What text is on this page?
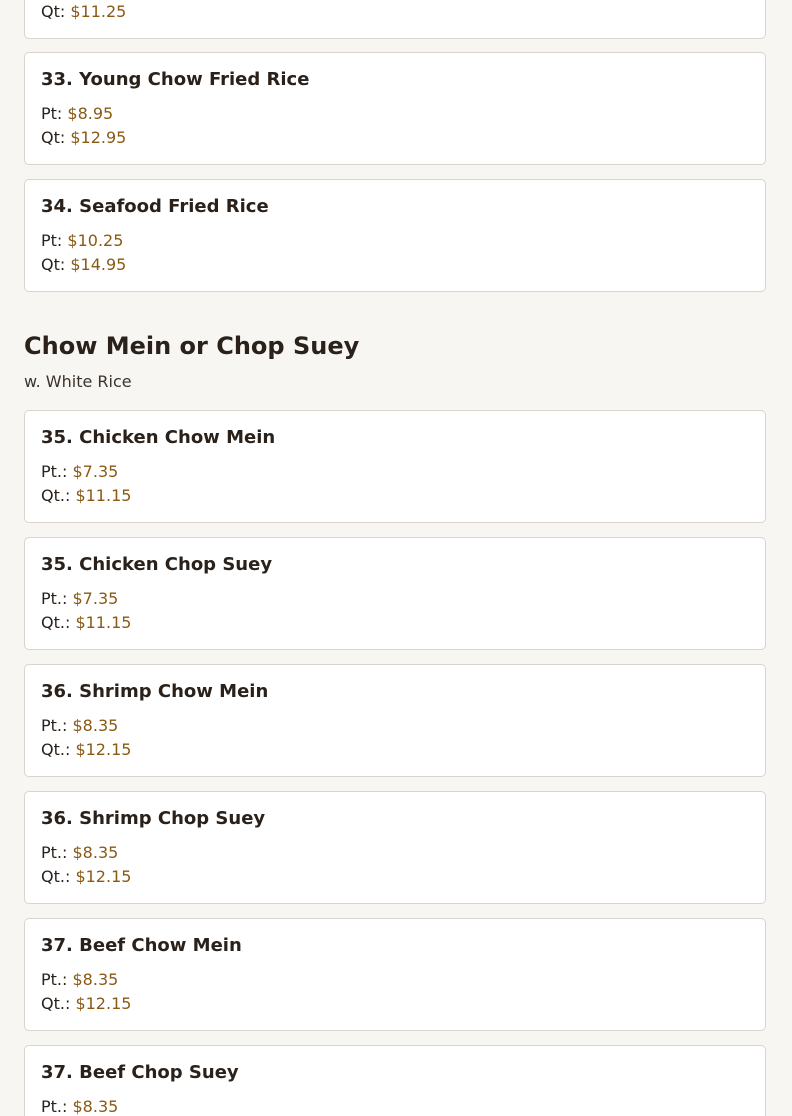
Qt: $11.25
33. Young Chow Fried Rice
Pt: $8.95
Qt: $12.95
34. Seafood Fried Rice
Pt: $10.25
Qt: $14.95
Chow Mein or Chop Suey
w. White Rice
35. Chicken Chow Mein
Pt.: $7.35
Qt.: $11.15
35. Chicken Chop Suey
Pt.: $7.35
Qt.: $11.15
36. Shrimp Chow Mein
Pt.: $8.35
Qt.: $12.15
36. Shrimp Chop Suey
Pt.: $8.35
Qt.: $12.15
37. Beef Chow Mein
Pt.: $8.35
Qt.: $12.15
37. Beef Chop Suey
Pt.: $8.35
